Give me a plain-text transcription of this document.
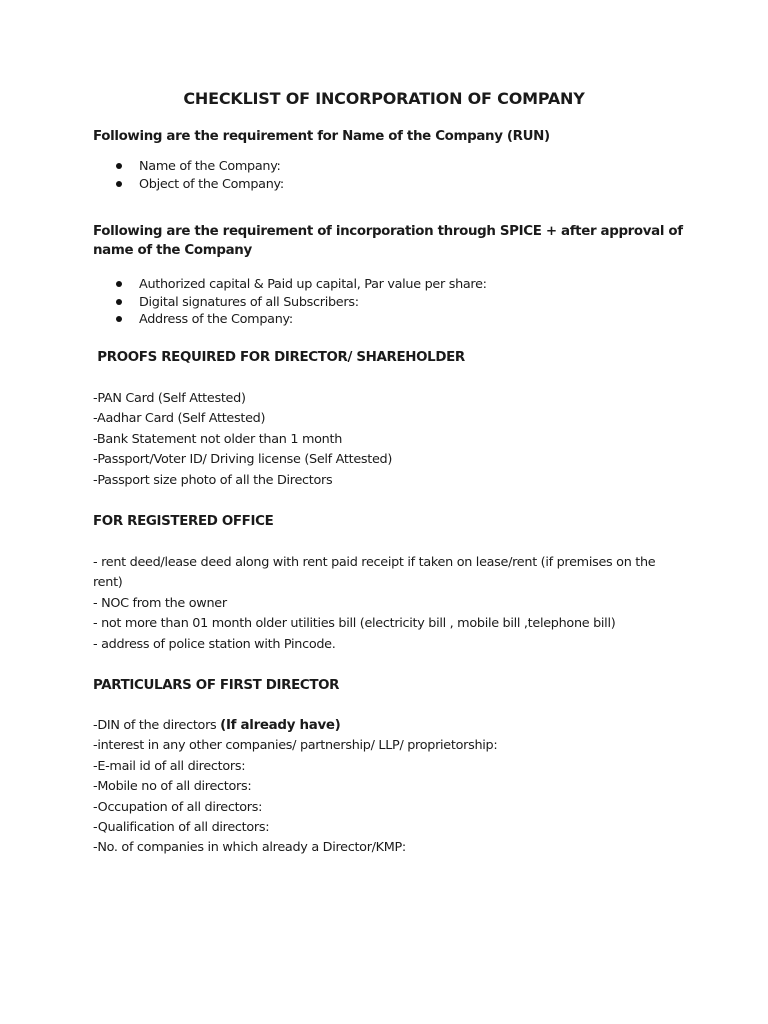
CHECKLIST OF INCORPORATION OF COMPANY
Following are the requirement for Name of the Company (RUN)
Name of the Company:
Object of the Company:
Following are the requirement of incorporation through SPICE + after approval of name of the Company
Authorized capital & Paid up capital, Par value per share:
Digital signatures of all Subscribers:
Address of the Company:
PROOFS REQUIRED FOR DIRECTOR/ SHAREHOLDER
-PAN Card (Self Attested)
-Aadhar Card (Self Attested)
-Bank Statement not older than 1 month
-Passport/Voter ID/ Driving license (Self Attested)
-Passport size photo of all the Directors
FOR REGISTERED OFFICE
- rent deed/lease deed along with rent paid receipt if taken on lease/rent (if premises on the rent)
- NOC from the owner
- not more than 01 month older utilities bill (electricity bill , mobile bill ,telephone bill)
- address of police station with Pincode.
PARTICULARS OF FIRST DIRECTOR
-DIN of the directors (If already have)
-interest in any other companies/ partnership/ LLP/ proprietorship:
-E-mail id of all directors:
-Mobile no of all directors:
-Occupation of all directors:
-Qualification of all directors:
-No. of companies in which already a Director/KMP:
